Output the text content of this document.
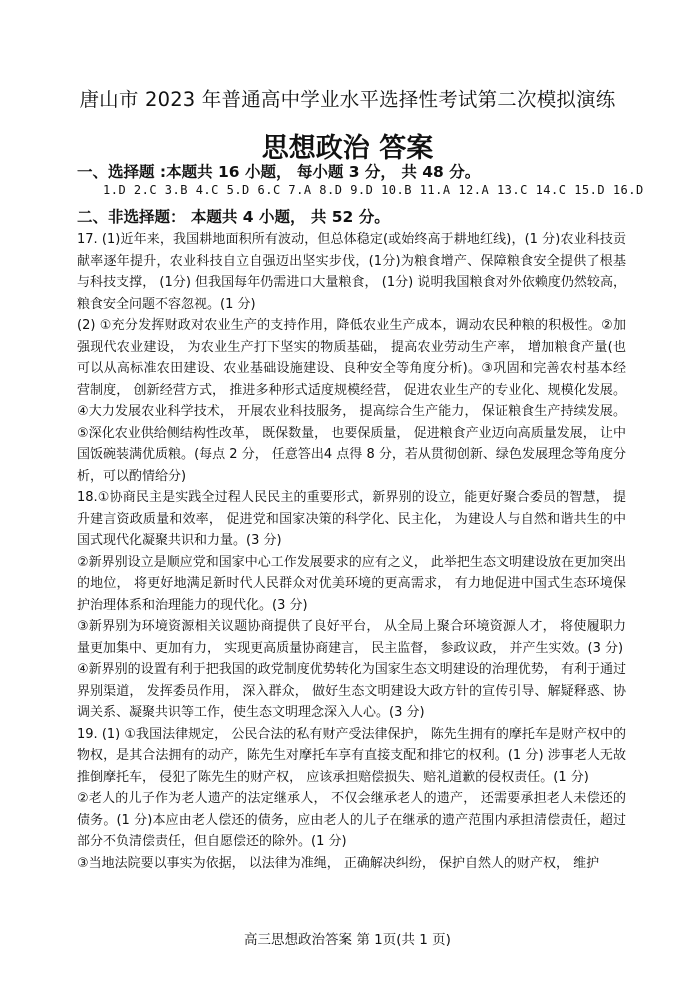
唐山市 2023 年普通高中学业水平选择性考试第二次模拟演练
思想政治 答案
一、选择题 :本题共 16 小题， 每小题 3 分， 共 48 分。
1.D 2.C 3.B 4.C 5.D 6.C 7.A 8.D 9.D 10.B 11.A 12.A 13.C 14.C 15.D 16.D
二、非选择题： 本题共 4 小题， 共 52 分。

17. (1)近年来，我国耕地面积所有波动，但总体稳定(或始终高于耕地红线)，(1 分)农业科技贡献率逐年提升，农业科技自立自强迈出坚实步伐，(1分)为粮食增产、保障粮食安全提供了根基与科技支撑， (1分) 但我国每年仍需进口大量粮食， (1分) 说明我国粮食对外依赖度仍然较高，粮食安全问题不容忽视。(1 分)

(2) ①充分发挥财政对农业生产的支持作用，降低农业生产成本，调动农民种粮的积极性。②加强现代农业建设， 为农业生产打下坚实的物质基础， 提高农业劳动生产率， 增加粮食产量(也可以从高标准农田建设、农业基础设施建设、良种安全等角度分析)。③巩固和完善农村基本经营制度， 创新经营方式， 推进多种形式适度规模经营， 促进农业生产的专业化、规模化发展。④大力发展农业科学技术， 开展农业科技服务， 提高综合生产能力， 保证粮食生产持续发展。⑤深化农业供给侧结构性改革， 既保数量， 也要保质量， 促进粮食产业迈向高质量发展， 让中国饭碗装满优质粮。(每点 2 分， 任意答出4 点得 8 分，若从贯彻创新、绿色发展理念等角度分析，可以酌情给分)

18.①协商民主是实践全过程人民民主的重要形式，新界别的设立，能更好聚合委员的智慧， 提升建言资政质量和效率， 促进党和国家决策的科学化、民主化， 为建设人与自然和谐共生的中国式现代化凝聚共识和力量。(3 分)

②新界别设立是顺应党和国家中心工作发展要求的应有之义， 此举把生态文明建设放在更加突出的地位， 将更好地满足新时代人民群众对优美环境的更高需求， 有力地促进中国式生态环境保护治理体系和治理能力的现代化。(3 分)

③新界别为环境资源相关议题协商提供了良好平台， 从全局上聚合环境资源人才， 将使履职力量更加集中、更加有力， 实现更高质量协商建言， 民主监督， 参政议政， 并产生实效。(3 分)

④新界别的设置有利于把我国的政党制度优势转化为国家生态文明建设的治理优势， 有利于通过界别渠道， 发挥委员作用， 深入群众， 做好生态文明建设大政方针的宣传引导、解疑释惑、协调关系、凝聚共识等工作，使生态文明理念深入人心。(3 分)

19. (1) ①我国法律规定， 公民合法的私有财产受法律保护， 陈先生拥有的摩托车是财产权中的物权，是其合法拥有的动产，陈先生对摩托车享有直接支配和排它的权利。(1 分) 涉事老人无故推倒摩托车， 侵犯了陈先生的财产权， 应该承担赔偿损失、赔礼道歉的侵权责任。(1 分)

②老人的儿子作为老人遗产的法定继承人， 不仅会继承老人的遗产， 还需要承担老人未偿还的债务。(1 分)本应由老人偿还的债务，应由老人的儿子在继承的遗产范围内承担清偿责任，超过部分不负清偿责任，但自愿偿还的除外。(1 分)

③当地法院要以事实为依据， 以法律为准绳， 正确解决纠纷， 保护自然人的财产权， 维护

高三思想政治答案 第 1页(共 1 页)
